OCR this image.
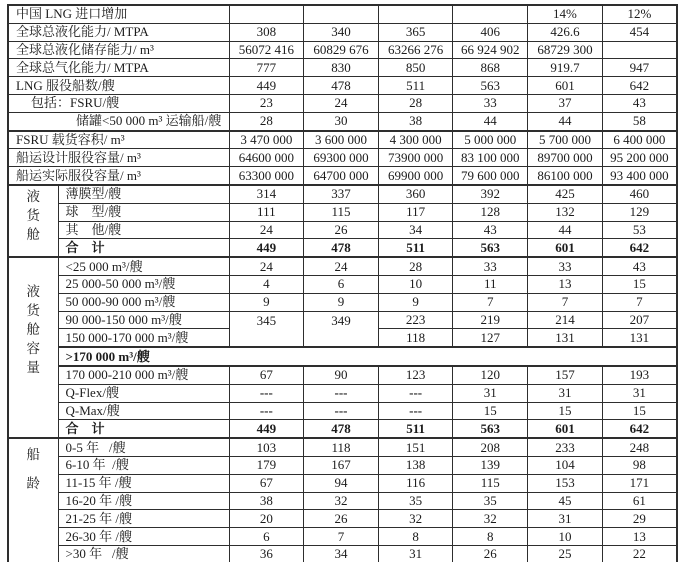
中国 LNG 进口增加						14%	12%
全球总液化能力/ MTPA		308	340	365	406	426.6	454
全球总液化储存能力/ m³		56072 416	60829 676	63266 276	66 924 902	68729 300	
全球总气化能力/ MTPA		777	830	850	868	919.7	947
LNG 服役船数/艘		449	478	511	563	601	642
包括：FSRU/艘		23	24	28	33	37	43
储罐<50 000 m³ 运输船/艘		28	30	38	44	44	58
FSRU 载货容积/ m³		3 470 000	3 600 000	4 300 000	5 000 000	5 700 000	6 400 000
船运设计服役容量/ m³		64600 000	69300 000	73900 000	83 100 000	89700 000	95 200 000
船运实际服役容量/ m³		63300 000	64700 000	69900 000	79 600 000	86100 000	93 400 000

液
货
舱	薄膜型/艘	314	337	360	392	425	460
	球　型/艘	111	115	117	128	132	129
	其　他/艘	24	26	34	43	44	53
	合　计	449	478	511	563	601	642

液
货
舱
容
量	<25 000 m³/艘	24	24	28	33	33	43
	25 000-50 000 m³/艘	4	6	10	11	13	15
	50 000-90 000 m³/艘	9	9	9	7	7	7
	90 000-150 000 m³/艘	345	349	223	219	214	207
	150 000-170 000 m³/艘			118	127	131	131
	>170 000 m³/艘						
	170 000-210 000 m³/艘	67	90	123	120	157	193
	Q-Flex/艘	---	---	---	31	31	31
	Q-Max/艘	---	---	---	15	15	15
	合　计	449	478	511	563	601	642

船
龄	0-5 年   /艘	103	118	151	208	233	248
	6-10 年  /艘	179	167	138	139	104	98
	11-15 年 /艘	67	94	116	115	153	171
	16-20 年 /艘	38	32	35	35	45	61
	21-25 年 /艘	20	26	32	32	31	29
	26-30 年 /艘	6	7	8	8	10	13
	>30 年   /艘	36	34	31	26	25	22
